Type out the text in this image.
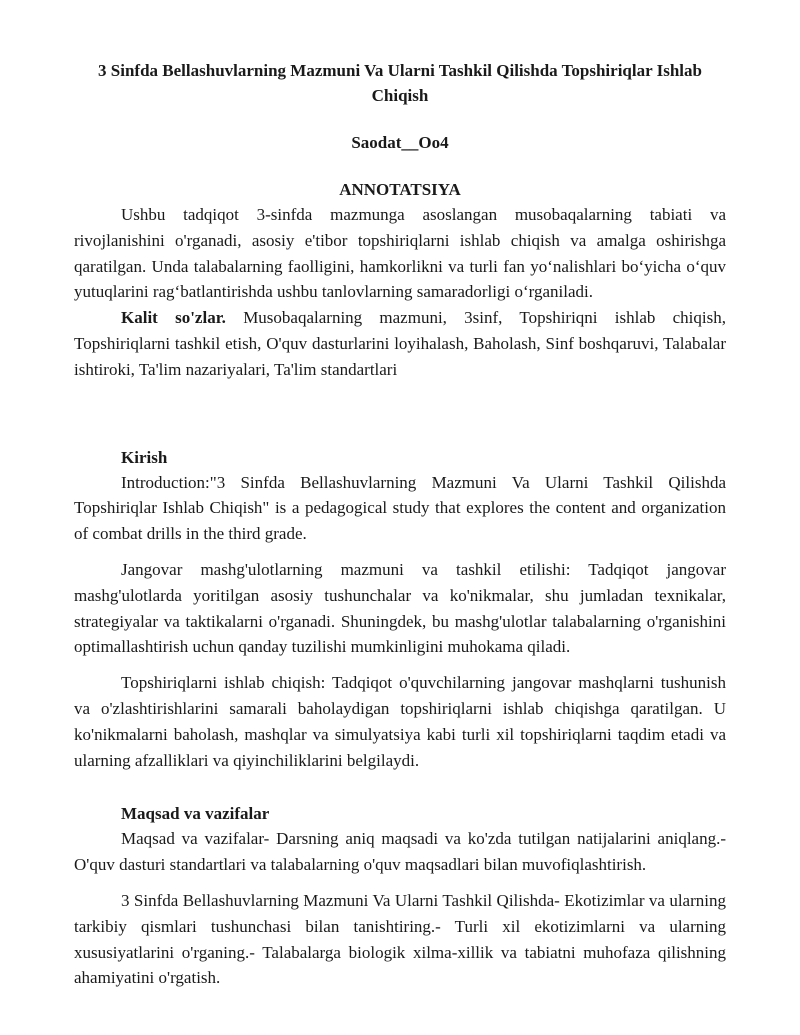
3 Sinfda Bellashuvlarning Mazmuni Va Ularni Tashkil Qilishda Topshiriqlar Ishlab Chiqish
Saodat__Oo4
ANNOTATSIYA

Ushbu tadqiqot 3-sinfda mazmunga asoslangan musobaqalarning tabiati va rivojlanishini o'rganadi, asosiy e'tibor topshiriqlarni ishlab chiqish va amalga oshirishga qaratilgan. Unda talabalarning faolligini, hamkorlikni va turli fan yo‘nalishlari bo‘yicha o‘quv yutuqlarini rag‘batlantirishda ushbu tanlovlarning samaradorligi o‘rganiladi.

Kalit so'zlar. Musobaqalarning mazmuni, 3sinf, Topshiriqni ishlab chiqish, Topshiriqlarni tashkil etish, O'quv dasturlarini loyihalash, Baholash, Sinf boshqaruvi, Talabalar ishtiroki, Ta'lim nazariyalari, Ta'lim standartlari

Kirish

Introduction:"3 Sinfda Bellashuvlarning Mazmuni Va Ularni Tashkil Qilishda Topshiriqlar Ishlab Chiqish" is a pedagogical study that explores the content and organization of combat drills in the third grade.

Jangovar mashg'ulotlarning mazmuni va tashkil etilishi: Tadqiqot jangovar mashg'ulotlarda yoritilgan asosiy tushunchalar va ko'nikmalar, shu jumladan texnikalar, strategiyalar va taktikalarni o'rganadi. Shuningdek, bu mashg'ulotlar talabalarning o'rganishini optimallashtirish uchun qanday tuzilishi mumkinligini muhokama qiladi.

Topshiriqlarni ishlab chiqish: Tadqiqot o'quvchilarning jangovar mashqlarni tushunish va o'zlashtirishlarini samarali baholaydigan topshiriqlarni ishlab chiqishga qaratilgan. U ko'nikmalarni baholash, mashqlar va simulyatsiya kabi turli xil topshiriqlarni taqdim etadi va ularning afzalliklari va qiyinchiliklarini belgilaydi.

Maqsad va vazifalar

Maqsad va vazifalar- Darsning aniq maqsadi va ko'zda tutilgan natijalarini aniqlang.- O'quv dasturi standartlari va talabalarning o'quv maqsadlari bilan muvofiqlashtirish.

3 Sinfda Bellashuvlarning Mazmuni Va Ularni Tashkil Qilishda- Ekotizimlar va ularning tarkibiy qismlari tushunchasi bilan tanishtiring.- Turli xil ekotizimlarni va ularning xususiyatlarini o'rganing.- Talabalarga biologik xilma-xillik va tabiatni muhofaza qilishning ahamiyatini o'rgatish.
